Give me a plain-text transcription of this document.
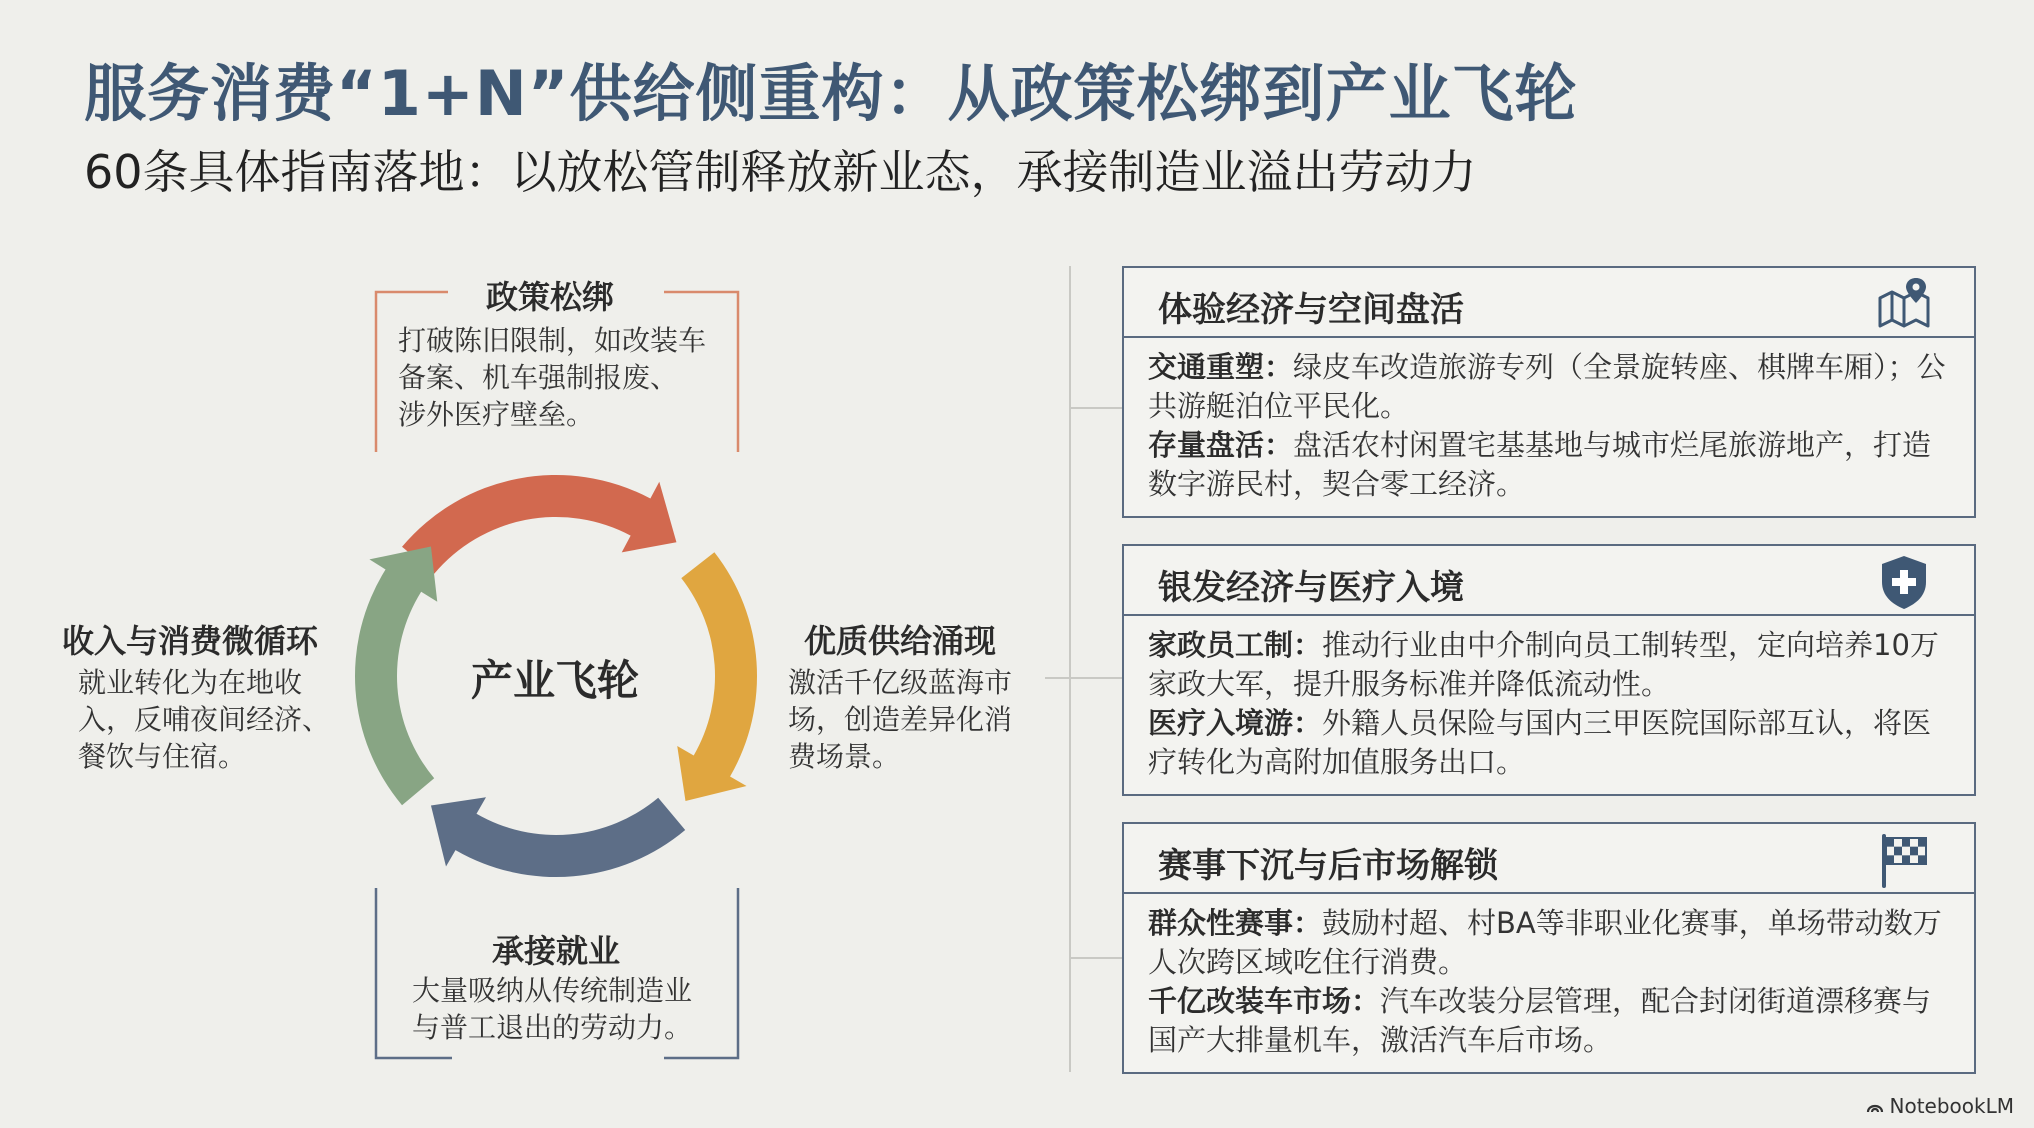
服务消费“1+N”供给侧重构：从政策松绑到产业飞轮
60条具体指南落地：以放松管制释放新业态，承接制造业溢出劳动力
政策松绑
打破陈旧限制，如改装车
备案、机车强制报废、
涉外医疗壁垒。
优质供给涌现
激活千亿级蓝海市
场，创造差异化消
费场景。
承接就业
大量吸纳从传统制造业
与普工退出的劳动力。
收入与消费微循环
就业转化为在地收
入，反哺夜间经济、
餐饮与住宿。
产业飞轮
体验经济与空间盘活

交通重塑：绿皮车改造旅游专列（全景旋转座、棋牌车厢）；公共游艇泊位平民化。

存量盘活：盘活农村闲置宅基基地与城市烂尾旅游地产，打造数字游民村，契合零工经济。

银发经济与医疗入境

家政员工制：推动行业由中介制向员工制转型，定向培养10万家政大军，提升服务标准并降低流动性。

医疗入境游：外籍人员保险与国内三甲医院国际部互认，将医疗转化为高附加值服务出口。

赛事下沉与后市场解锁

群众性赛事：鼓励村超、村BA等非职业化赛事，单场带动数万人次跨区域吃住行消费。

千亿改装车市场：汽车改装分层管理，配合封闭街道漂移赛与国产大排量机车，激活汽车后市场。

NotebookLM
